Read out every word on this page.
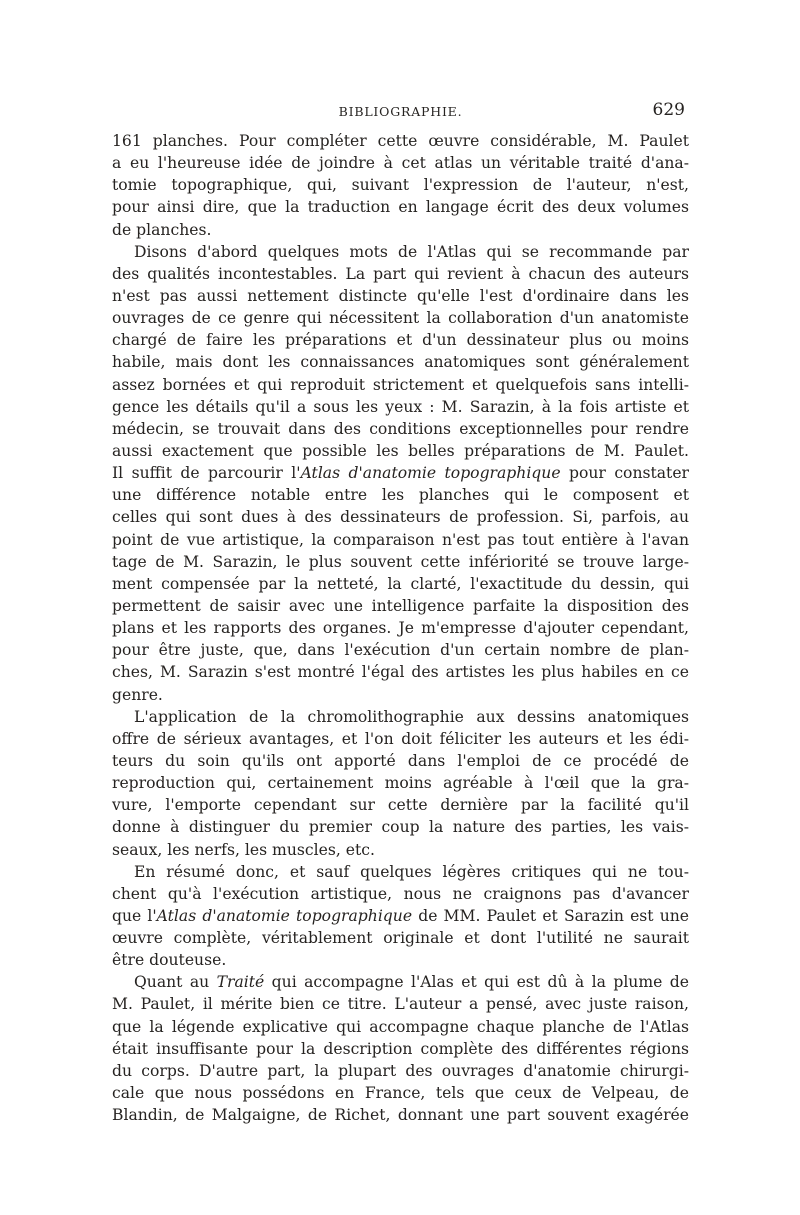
BIBLIOGRAPHIE.	629
161 planches. Pour compléter cette œuvre considérable, M. Paulet
a eu l'heureuse idée de joindre à cet atlas un véritable traité d'ana-
tomie topographique, qui, suivant l'expression de l'auteur, n'est,
pour ainsi dire, que la traduction en langage écrit des deux volumes
de planches.
Disons d'abord quelques mots de l'Atlas qui se recommande par
des qualités incontestables. La part qui revient à chacun des auteurs
n'est pas aussi nettement distincte qu'elle l'est d'ordinaire dans les
ouvrages de ce genre qui nécessitent la collaboration d'un anatomiste
chargé de faire les préparations et d'un dessinateur plus ou moins
habile, mais dont les connaissances anatomiques sont généralement
assez bornées et qui reproduit strictement et quelquefois sans intelli-
gence les détails qu'il a sous les yeux : M. Sarazin, à la fois artiste et
médecin, se trouvait dans des conditions exceptionnelles pour rendre
aussi exactement que possible les belles préparations de M. Paulet.
Il suffit de parcourir l'Atlas d'anatomie topographique pour constater
une différence notable entre les planches qui le composent et
celles qui sont dues à des dessinateurs de profession. Si, parfois, au
point de vue artistique, la comparaison n'est pas tout entière à l'avan
tage de M. Sarazin, le plus souvent cette infériorité se trouve large-
ment compensée par la netteté, la clarté, l'exactitude du dessin, qui
permettent de saisir avec une intelligence parfaite la disposition des
plans et les rapports des organes. Je m'empresse d'ajouter cependant,
pour être juste, que, dans l'exécution d'un certain nombre de plan-
ches, M. Sarazin s'est montré l'égal des artistes les plus habiles en ce
genre.
L'application de la chromolithographie aux dessins anatomiques
offre de sérieux avantages, et l'on doit féliciter les auteurs et les édi-
teurs du soin qu'ils ont apporté dans l'emploi de ce procédé de
reproduction qui, certainement moins agréable à l'œil que la gra-
vure, l'emporte cependant sur cette dernière par la facilité qu'il
donne à distinguer du premier coup la nature des parties, les vais-
seaux, les nerfs, les muscles, etc.
En résumé donc, et sauf quelques légères critiques qui ne tou-
chent qu'à l'exécution artistique, nous ne craignons pas d'avancer
que l'Atlas d'anatomie topographique de MM. Paulet et Sarazin est une
œuvre complète, véritablement originale et dont l'utilité ne saurait
être douteuse.
Quant au Traité qui accompagne l'Alas et qui est dû à la plume de
M. Paulet, il mérite bien ce titre. L'auteur a pensé, avec juste raison,
que la légende explicative qui accompagne chaque planche de l'Atlas
était insuffisante pour la description complète des différentes régions
du corps. D'autre part, la plupart des ouvrages d'anatomie chirurgi-
cale que nous possédons en France, tels que ceux de Velpeau, de
Blandin, de Malgaigne, de Richet, donnant une part souvent exagérée
